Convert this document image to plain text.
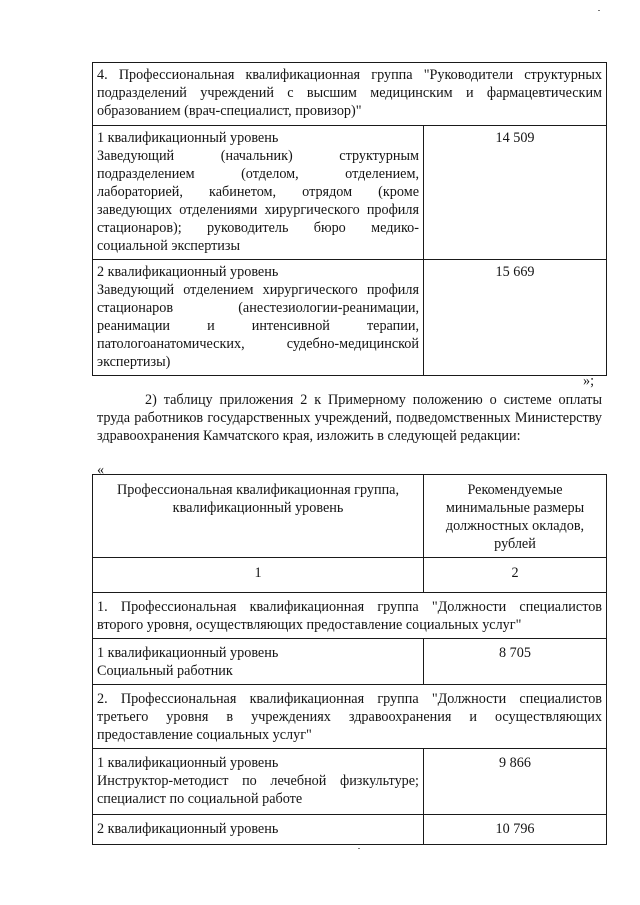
4. Профессиональная квалификационная группа "Руководители структурных подразделений учреждений с высшим медицинским и фармацевтическим образованием (врач-специалист, провизор)"	

1 квалификационный уровень
Заведующий (начальник) структурным подразделением (отделом, отделением, лабораторией, кабинетом, отрядом (кроме заведующих отделениями хирургического профиля стационаров); руководитель бюро медико-социальной экспертизы	14 509

2 квалификационный уровень
Заведующий отделением хирургического профиля стационаров (анестезиологии-реанимации, реанимации и интенсивной терапии, патологоанатомических, судебно-медицинской экспертизы)	15 669
»;
2) таблицу приложения 2 к Примерному положению о системе оплаты труда работников государственных учреждений, подведомственных Министерству здравоохранения Камчатского края, изложить в следующей редакции:
«
Профессиональная квалификационная группа, квалификационный уровень	Рекомендуемые минимальные размеры должностных окладов, рублей
1	2
1. Профессиональная квалификационная группа "Должности специалистов второго уровня, осуществляющих предоставление социальных услуг"	

1 квалификационный уровень
Социальный работник	8 705
2. Профессиональная квалификационная группа "Должности специалистов третьего уровня в учреждениях здравоохранения и осуществляющих предоставление социальных услуг"	

1 квалификационный уровень
Инструктор-методист по лечебной физкультуре; специалист по социальной работе	9 866

2 квалификационный уровень	10 796
